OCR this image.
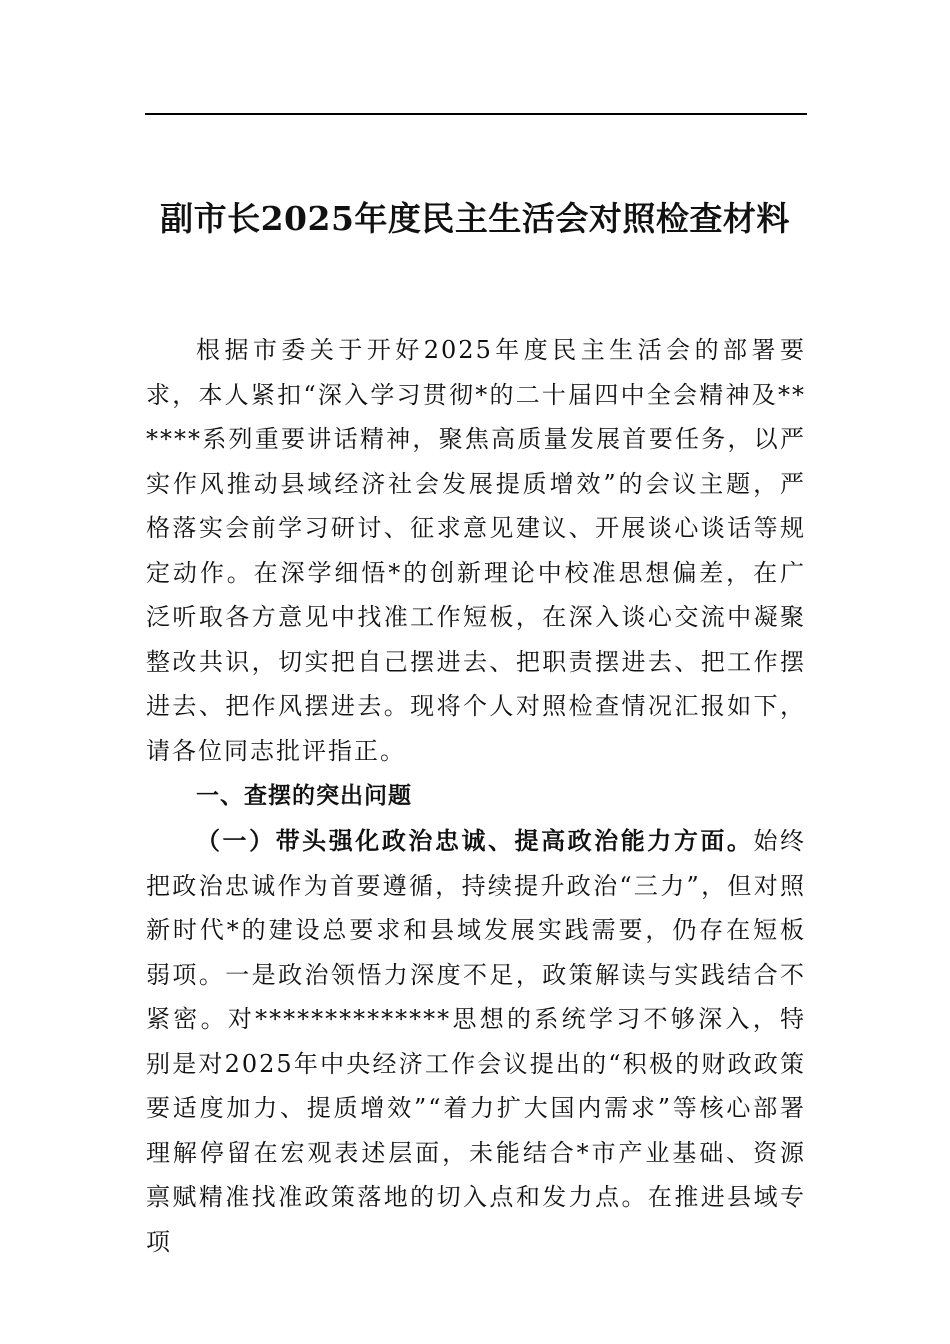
副市长2025年度民主生活会对照检查材料

根据市委关于开好2025年度民主生活会的部署要求，本人紧扣“深入学习贯彻*的二十届四中全会精神及******系列重要讲话精神，聚焦高质量发展首要任务，以严实作风推动县域经济社会发展提质增效”的会议主题，严格落实会前学习研讨、征求意见建议、开展谈心谈话等规定动作。在深学细悟*的创新理论中校准思想偏差，在广泛听取各方意见中找准工作短板，在深入谈心交流中凝聚整改共识，切实把自己摆进去、把职责摆进去、把工作摆进去、把作风摆进去。现将个人对照检查情况汇报如下，请各位同志批评指正。

一、查摆的突出问题

（一）带头强化政治忠诚、提高政治能力方面。始终把政治忠诚作为首要遵循，持续提升政治“三力”，但对照新时代*的建设总要求和县域发展实践需要，仍存在短板弱项。一是政治领悟力深度不足，政策解读与实践结合不紧密。对**************思想的系统学习不够深入，特别是对2025年中央经济工作会议提出的“积极的财政政策要适度加力、提质增效”“着力扩大国内需求”等核心部署理解停留在宏观表述层面，未能结合*市产业基础、资源禀赋精准找准政策落地的切入点和发力点。在推进县域专项
